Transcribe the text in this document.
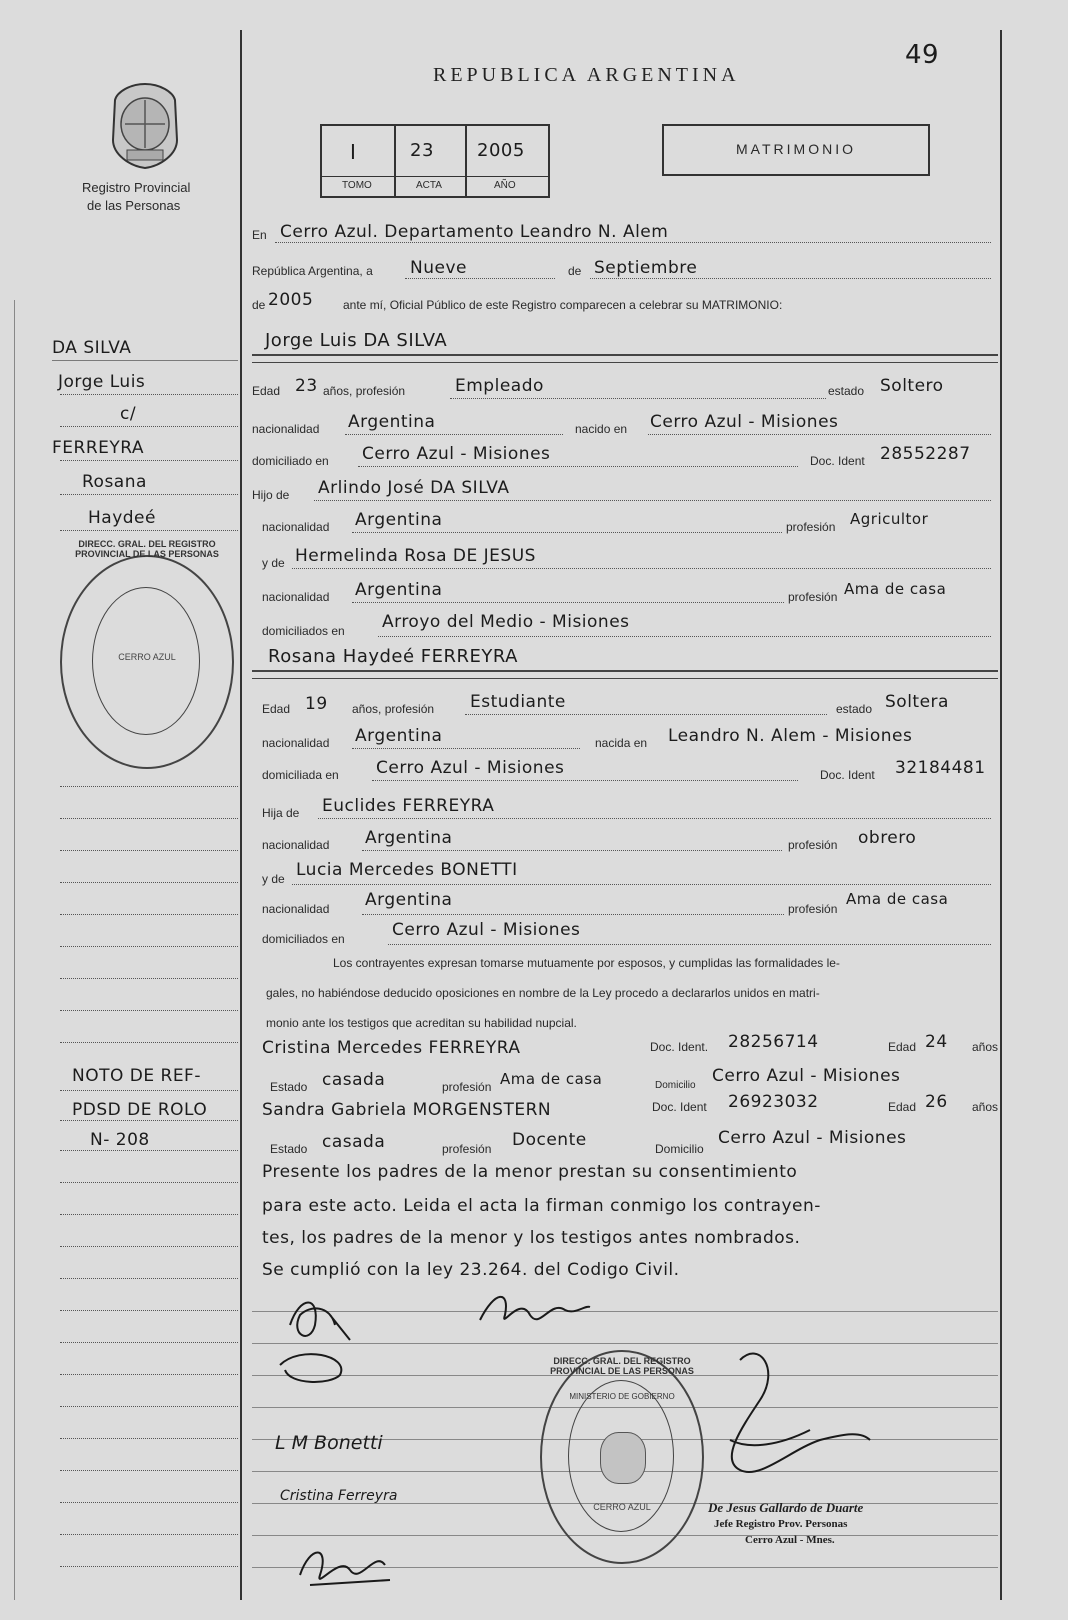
49
Registro Provincial
de las Personas
REPUBLICA ARGENTINA
I	23 2005
TOMO	ACTA	AÑO
MATRIMONIO
En Cerro Azul. Departamento Leandro N. Alem
República Argentina, a Nueve	de Septiembre
de 2005 ante mí, Oficial Público de este Registro comparecen a celebrar su MATRIMONIO:
Jorge Luis DA SILVA
Edad 23 años, profesión	Empleado	estado Soltero
nacionalidad Argentina	nacido en Cerro Azul - Misiones
domiciliado en Cerro Azul - Misiones	Doc. Ident 28552287
Hijo de Arlindo José DA SILVA
nacionalidad Argentina	profesión Agricultor
y de Hermelinda Rosa DE JESUS
nacionalidad Argentina	profesión Ama de casa
domiciliados en Arroyo del Medio - Misiones
Rosana Haydeé FERREYRA
Edad 19 años, profesión Estudiante	estado Soltera
nacionalidad Argentina	nacida en Leandro N. Alem - Misiones
domiciliada en Cerro Azul - Misiones	Doc. Ident 32184481
Hija de Euclides FERREYRA
nacionalidad Argentina	profesión obrero
y de Lucia Mercedes BONETTI
nacionalidad Argentina	profesión
Ama de casa
domiciliados en	Cerro Azul - Misiones
Los contrayentes expresan tomarse mutuamente por esposos, y cumplidas las formalidades le-
gales, no habiéndose deducido oposiciones en nombre de la Ley procedo a declararlos unidos en matri-
monio ante los testigos que acreditan su habilidad nupcial.
Cristina Mercedes FERREYRA	Doc. Ident. 28256714	Edad 24 años
Estado casada	profesión Ama de casa	Domicilio Cerro Azul - Misiones
Sandra Gabriela MORGENSTERN	Doc. Ident 26923032	Edad 26 años
Estado casada	profesión Docente	Domicilio
Cerro Azul - Misiones
Presente los padres de la menor prestan su consentimiento
para este acto. Leida el acta la firman conmigo los contrayen-
tes, los padres de la menor y los testigos antes nombrados.
Se cumplió con la ley 23.264. del Codigo Civil.
L M Bonetti
Cristina Ferreyra
De Jesus Gallardo de Duarte
Jefe Registro Prov. Personas
Cerro Azul - Mnes.
DIRECC. GRAL. DEL REGISTRO PROVINCIAL DE LAS PERSONAS
CERRO AZUL
DIRECC. GRAL. DEL REGISTRO PROVINCIAL DE LAS PERSONAS
MINISTERIO DE GOBIERNO
CERRO AZUL
DA SILVA
Jorge Luis
c/
FERREYRA
Rosana
Haydeé
NOTO DE REF-
PDSD DE ROLO
N- 208
